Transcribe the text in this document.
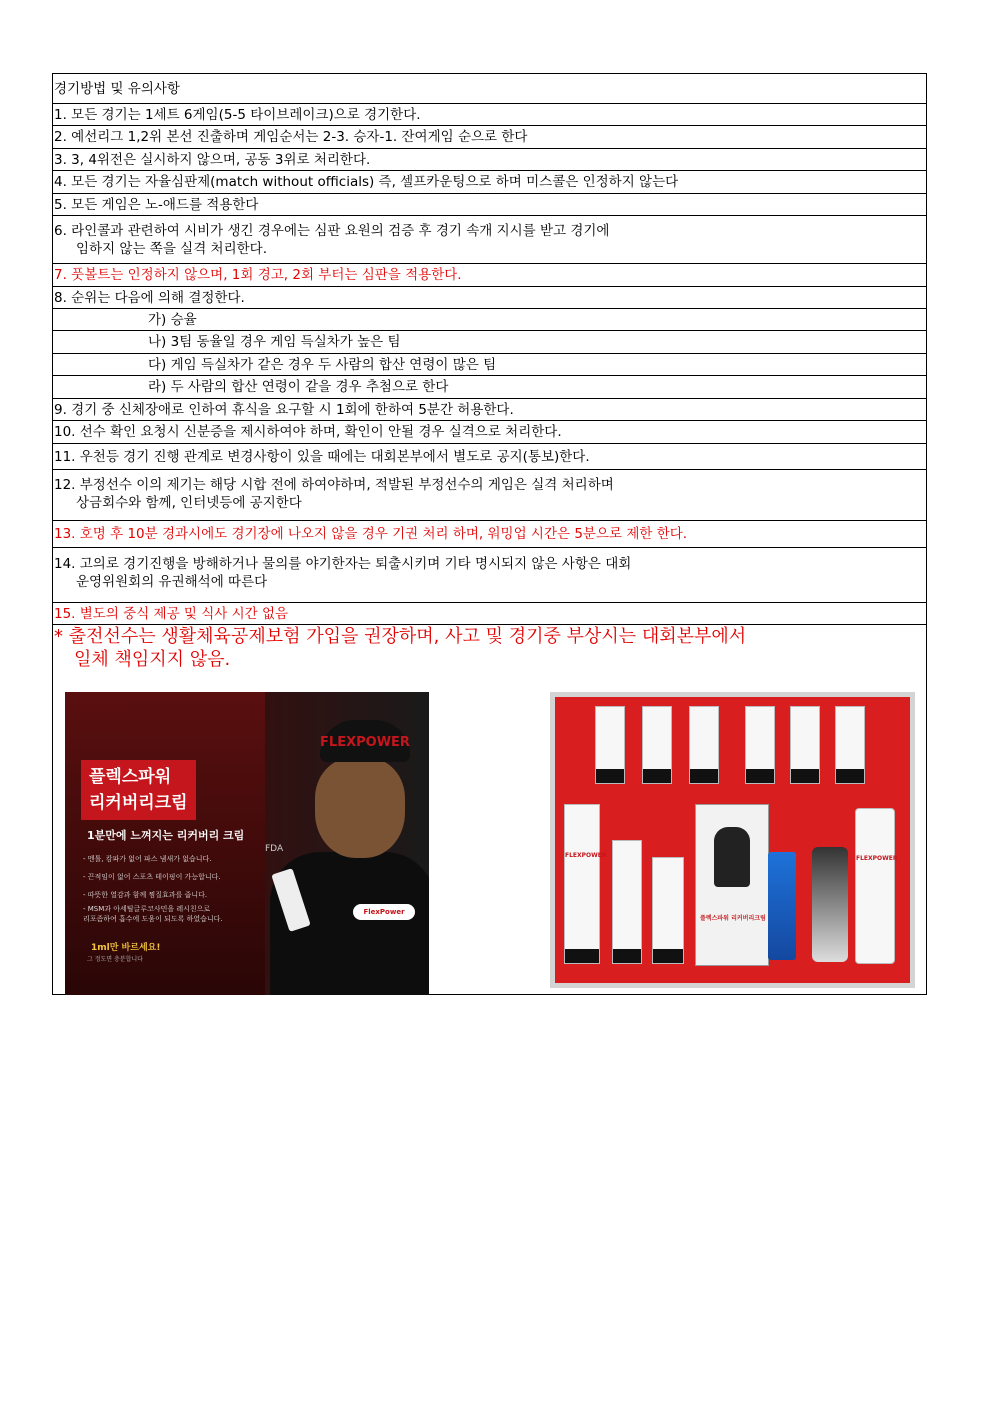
경기방법 및 유의사항
1. 모든 경기는 1세트 6게임(5-5 타이브레이크)으로 경기한다.
2. 예선리그 1,2위 본선 진출하며 게임순서는 2-3. 승자-1. 잔여게임 순으로 한다
3. 3, 4위전은 실시하지 않으며, 공동 3위로 처리한다.
4. 모든 경기는 자율심판제(match without officials) 즉, 셀프카운팅으로 하며 미스콜은 인정하지 않는다
5. 모든 게임은 노-애드를 적용한다
6. 라인콜과 관련하여 시비가 생긴 경우에는 심판 요원의 검증 후 경기 속개 지시를 받고 경기에
임하지 않는 쪽을 실격 처리한다.
7. 풋볼트는 인정하지 않으며, 1회 경고, 2회 부터는 심판을 적용한다.
8. 순위는 다음에 의해 결정한다.
가) 승율
나) 3팀 동율일 경우 게임 득실차가 높은 팀
다) 게임 득실차가 같은 경우 두 사람의 합산 연령이 많은 팀
라) 두 사람의 합산 연령이 같을 경우 추첨으로 한다
9. 경기 중 신체장애로 인하여 휴식을 요구할 시 1회에 한하여 5분간 허용한다.
10. 선수 확인 요청시 신분증을 제시하여야 하며, 확인이 안될 경우 실격으로 처리한다.
11. 우천등 경기 진행 관계로 변경사항이 있을 때에는 대회본부에서 별도로 공지(통보)한다.
12. 부정선수 이의 제기는 해당 시합 전에 하여야하며, 적발된 부정선수의 게임은 실격 처리하며
상금회수와 함께, 인터넷등에 공지한다
13. 호명 후 10분 경과시에도 경기장에 나오지 않을 경우 기권 처리 하며, 워밍업 시간은 5분으로 제한 한다.
14. 고의로 경기진행을 방해하거나 물의를 야기한자는 퇴출시키며 기타 명시되지 않은 사항은 대회
운영위원회의 유권해석에 따른다
15. 별도의 중식 제공 및 식사 시간 없음
* 출전선수는 생활체육공제보험 가입을 권장하며, 사고 및 경기중 부상시는 대회본부에서
일체 책임지지 않음.
플렉스파워
리커버리크림
1분만에 느껴지는 리커버리 크림
- 멘톨, 캄파가 없어 파스 냄새가 없습니다.
- 끈적임이 없어 스포츠 테이핑이 가능합니다.
- 따뜻한 열감과 함께 찜질효과를 줍니다.
- MSM과 아세틸글루코사민을 레시친으로
리포좀하여 흡수에 도움이 되도록 하였습니다.
1ml만 바르세요!
그 정도면 충분합니다
FLEXPOWER
FDA
FlexPower
FLEXPOWER
플렉스파워 리커버리크림
FLEXPOWER
